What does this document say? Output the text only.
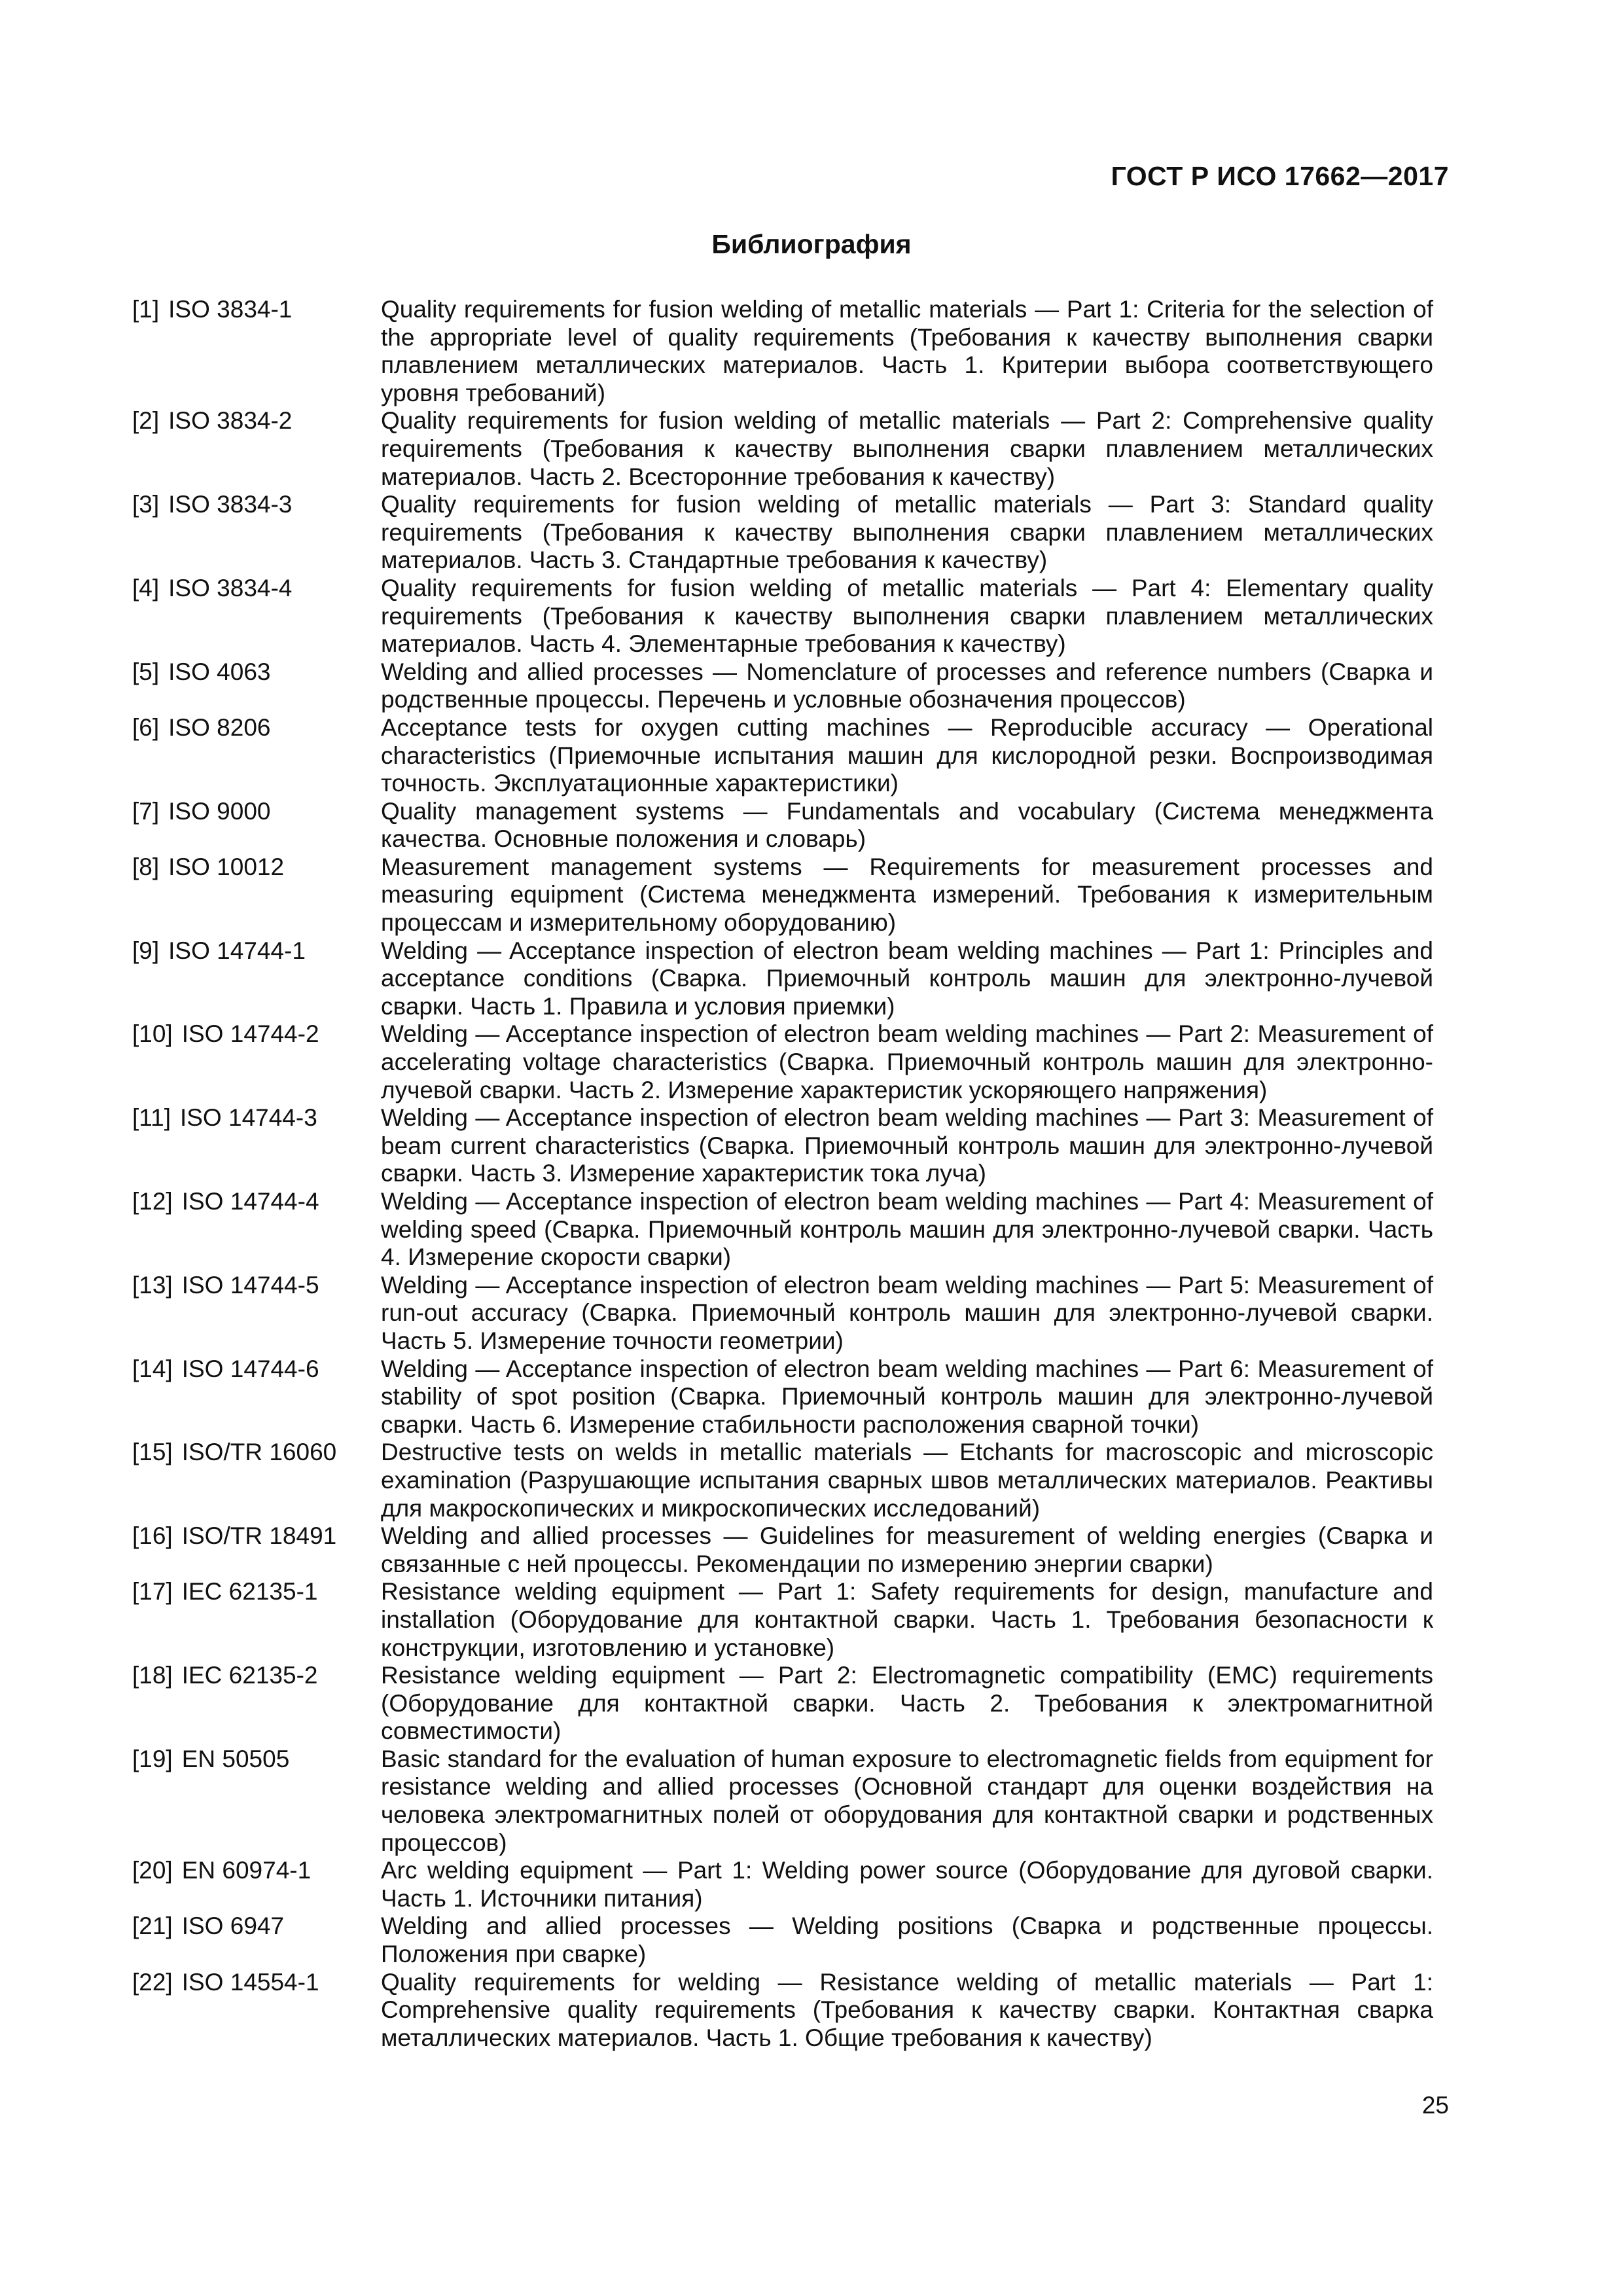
ГОСТ Р ИСО 17662—2017
Библиография
[1] ISO 3834-1	Quality requirements for fusion welding of metallic materials — Part 1: Criteria for the selection of the appropriate level of quality requirements (Требования к качеству выполнения сварки плавлением металлических материалов. Часть 1. Критерии выбора соответствующего уровня требований)
[2] ISO 3834-2	Quality requirements for fusion welding of metallic materials — Part 2: Comprehensive quality requirements (Требования к качеству выполнения сварки плавлением металлических материалов. Часть 2. Всесторонние требования к качеству)
[3] ISO 3834-3	Quality requirements for fusion welding of metallic materials — Part 3: Standard quality requirements (Требования к качеству выполнения сварки плавлением металлических материалов. Часть 3. Стандартные требования к качеству)
[4] ISO 3834-4	Quality requirements for fusion welding of metallic materials — Part 4: Elementary quality requirements (Требования к качеству выполнения сварки плавлением металлических материалов. Часть 4. Элементарные требования к качеству)
[5] ISO 4063	Welding and allied processes — Nomenclature of processes and reference numbers (Сварка и родственные процессы. Перечень и условные обозначения процессов)
[6] ISO 8206	Acceptance tests for oxygen cutting machines — Reproducible accuracy — Operational characteristics (Приемочные испытания машин для кислородной резки. Воспроизводимая точность. Эксплуатационные характеристики)
[7] ISO 9000	Quality management systems — Fundamentals and vocabulary (Система менеджмента качества. Основные положения и словарь)
[8] ISO 10012	Measurement management systems — Requirements for measurement processes and measuring equipment (Система менеджмента измерений. Требования к измерительным процессам и измерительному оборудованию)
[9] ISO 14744-1	Welding — Acceptance inspection of electron beam welding machines — Part 1: Principles and acceptance conditions (Сварка. Приемочный контроль машин для электронно-лучевой сварки. Часть 1. Правила и условия приемки)
[10] ISO 14744-2	Welding — Acceptance inspection of electron beam welding machines — Part 2: Measurement of accelerating voltage characteristics (Сварка. Приемочный контроль машин для электронно-лучевой сварки. Часть 2. Измерение характеристик ускоряющего напряжения)
[11] ISO 14744-3	Welding — Acceptance inspection of electron beam welding machines — Part 3: Measurement of beam current characteristics (Сварка. Приемочный контроль машин для электронно-лучевой сварки. Часть 3. Измерение характеристик тока луча)
[12] ISO 14744-4	Welding — Acceptance inspection of electron beam welding machines — Part 4: Measurement of welding speed (Сварка. Приемочный контроль машин для электронно-лучевой сварки. Часть 4. Измерение скорости сварки)
[13] ISO 14744-5	Welding — Acceptance inspection of electron beam welding machines — Part 5: Measurement of run-out accuracy (Сварка. Приемочный контроль машин для электронно-лучевой сварки. Часть 5. Измерение точности геометрии)
[14] ISO 14744-6	Welding — Acceptance inspection of electron beam welding machines — Part 6: Measurement of stability of spot position (Сварка. Приемочный контроль машин для электронно-лучевой сварки. Часть 6. Измерение стабильности расположения сварной точки)
[15] ISO/TR 16060	Destructive tests on welds in metallic materials — Etchants for macroscopic and microscopic examination (Разрушающие испытания сварных швов металлических материалов. Реактивы для макроскопических и микроскопических исследований)
[16] ISO/TR 18491	Welding and allied processes — Guidelines for measurement of welding energies (Сварка и связанные с ней процессы. Рекомендации по измерению энергии сварки)
[17] IEC 62135-1	Resistance welding equipment — Part 1: Safety requirements for design, manufacture and installation (Оборудование для контактной сварки. Часть 1. Требования безопасности к конструкции, изготовлению и установке)
[18] IEC 62135-2	Resistance welding equipment — Part 2: Electromagnetic compatibility (EMC) requirements (Оборудование для контактной сварки. Часть 2. Требования к электромагнитной совместимости)
[19] EN 50505	Basic standard for the evaluation of human exposure to electromagnetic fields from equipment for resistance welding and allied processes (Основной стандарт для оценки воздействия на человека электромагнитных полей от оборудования для контактной сварки и родственных процессов)
[20] EN 60974-1	Arc welding equipment — Part 1: Welding power source (Оборудование для дуговой сварки. Часть 1. Источники питания)
[21] ISO 6947	Welding and allied processes — Welding positions (Сварка и родственные процессы. Положения при сварке)
[22] ISO 14554-1	Quality requirements for welding — Resistance welding of metallic materials — Part 1: Comprehensive quality requirements (Требования к качеству сварки. Контактная сварка металлических материалов. Часть 1. Общие требования к качеству)
25
